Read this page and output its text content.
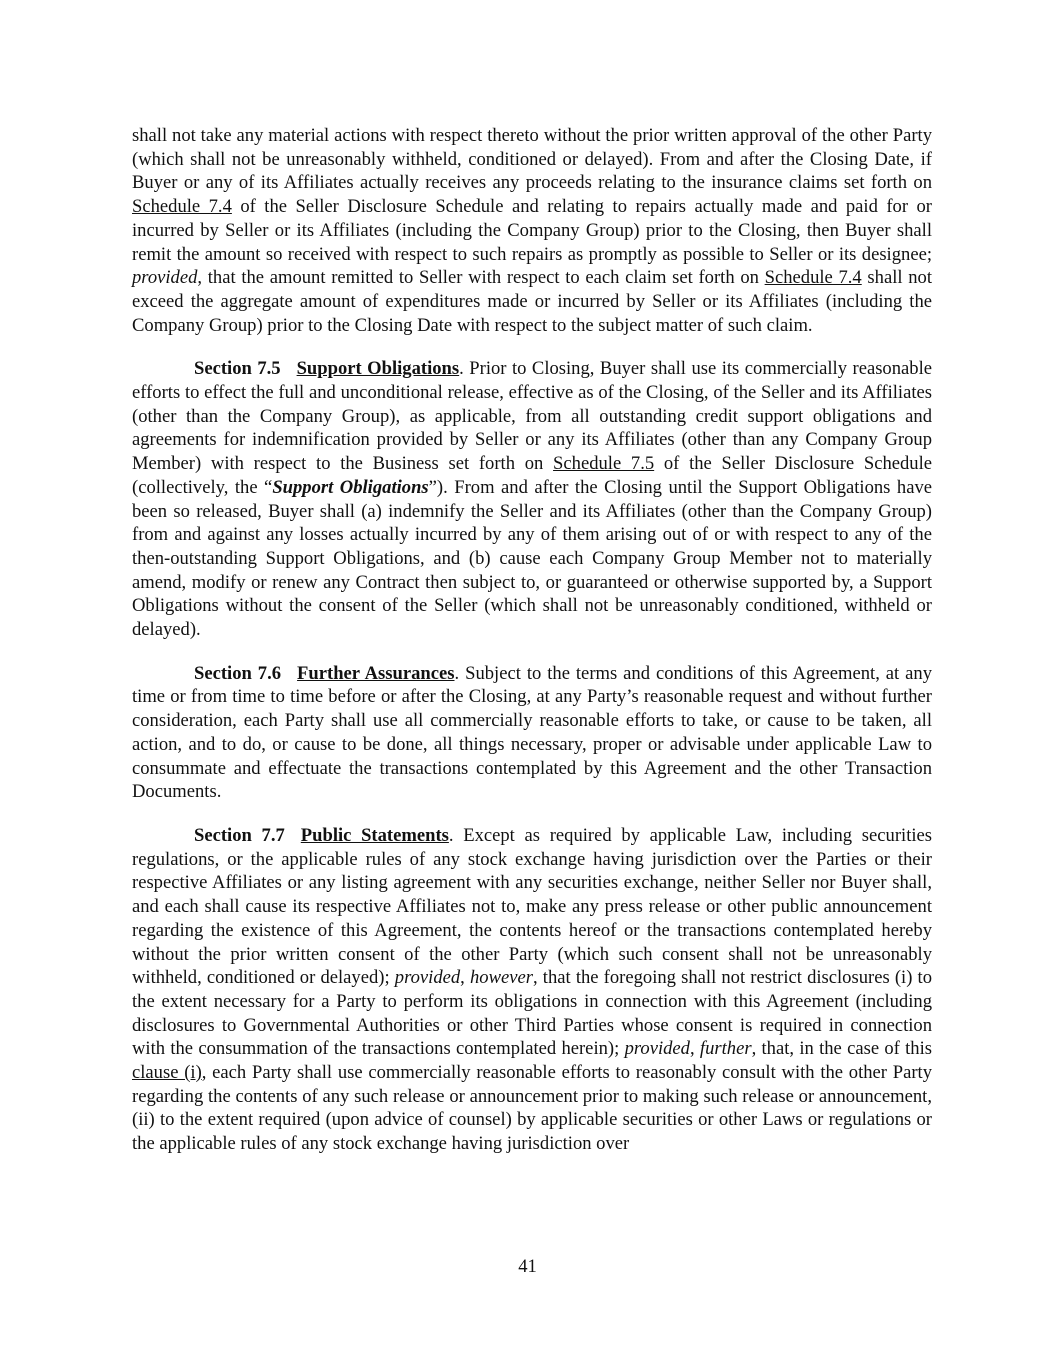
shall not take any material actions with respect thereto without the prior written approval of the other Party (which shall not be unreasonably withheld, conditioned or delayed). From and after the Closing Date, if Buyer or any of its Affiliates actually receives any proceeds relating to the insurance claims set forth on Schedule 7.4 of the Seller Disclosure Schedule and relating to repairs actually made and paid for or incurred by Seller or its Affiliates (including the Company Group) prior to the Closing, then Buyer shall remit the amount so received with respect to such repairs as promptly as possible to Seller or its designee; provided, that the amount remitted to Seller with respect to each claim set forth on Schedule 7.4 shall not exceed the aggregate amount of expenditures made or incurred by Seller or its Affiliates (including the Company Group) prior to the Closing Date with respect to the subject matter of such claim.

Section 7.5 Support Obligations. Prior to Closing, Buyer shall use its commercially reasonable efforts to effect the full and unconditional release, effective as of the Closing, of the Seller and its Affiliates (other than the Company Group), as applicable, from all outstanding credit support obligations and agreements for indemnification provided by Seller or any its Affiliates (other than any Company Group Member) with respect to the Business set forth on Schedule 7.5 of the Seller Disclosure Schedule (collectively, the “Support Obligations”). From and after the Closing until the Support Obligations have been so released, Buyer shall (a) indemnify the Seller and its Affiliates (other than the Company Group) from and against any losses actually incurred by any of them arising out of or with respect to any of the then-outstanding Support Obligations, and (b) cause each Company Group Member not to materially amend, modify or renew any Contract then subject to, or guaranteed or otherwise supported by, a Support Obligations without the consent of the Seller (which shall not be unreasonably conditioned, withheld or delayed).

Section 7.6 Further Assurances. Subject to the terms and conditions of this Agreement, at any time or from time to time before or after the Closing, at any Party’s reasonable request and without further consideration, each Party shall use all commercially reasonable efforts to take, or cause to be taken, all action, and to do, or cause to be done, all things necessary, proper or advisable under applicable Law to consummate and effectuate the transactions contemplated by this Agreement and the other Transaction Documents.

Section 7.7 Public Statements. Except as required by applicable Law, including securities regulations, or the applicable rules of any stock exchange having jurisdiction over the Parties or their respective Affiliates or any listing agreement with any securities exchange, neither Seller nor Buyer shall, and each shall cause its respective Affiliates not to, make any press release or other public announcement regarding the existence of this Agreement, the contents hereof or the transactions contemplated hereby without the prior written consent of the other Party (which such consent shall not be unreasonably withheld, conditioned or delayed); provided, however, that the foregoing shall not restrict disclosures (i) to the extent necessary for a Party to perform its obligations in connection with this Agreement (including disclosures to Governmental Authorities or other Third Parties whose consent is required in connection with the consummation of the transactions contemplated herein); provided, further, that, in the case of this clause (i), each Party shall use commercially reasonable efforts to reasonably consult with the other Party regarding the contents of any such release or announcement prior to making such release or announcement, (ii) to the extent required (upon advice of counsel) by applicable securities or other Laws or regulations or the applicable rules of any stock exchange having jurisdiction over

41
